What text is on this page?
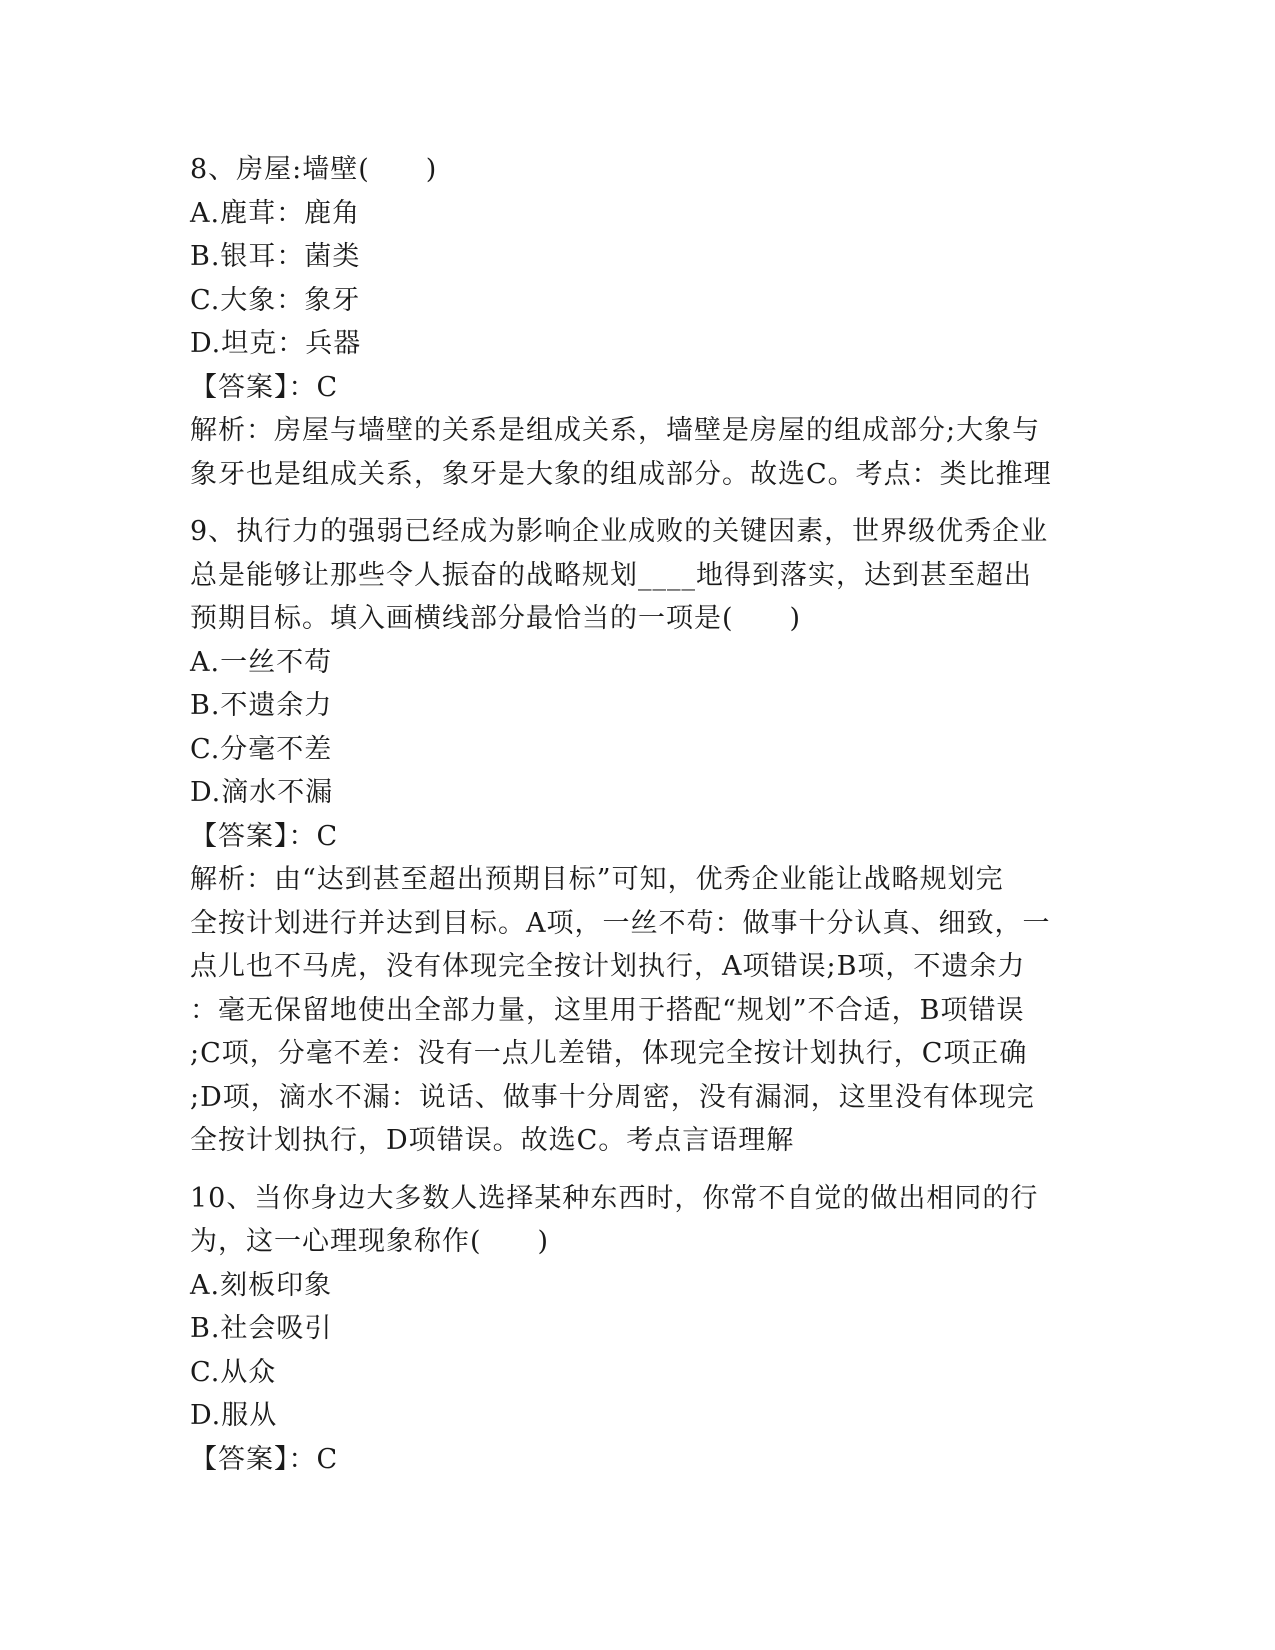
8、房屋:墙壁(　　)
A.鹿茸：鹿角
B.银耳：菌类
C.大象：象牙
D.坦克：兵器
【答案】：C
解析：房屋与墙壁的关系是组成关系，墙壁是房屋的组成部分;大象与
象牙也是组成关系，象牙是大象的组成部分。故选C。考点：类比推理
9、执行力的强弱已经成为影响企业成败的关键因素，世界级优秀企业
总是能够让那些令人振奋的战略规划____地得到落实，达到甚至超出
预期目标。填入画横线部分最恰当的一项是(　　)
A.一丝不苟
B.不遗余力
C.分毫不差
D.滴水不漏
【答案】：C
解析：由“达到甚至超出预期目标”可知，优秀企业能让战略规划完
全按计划进行并达到目标。A项，一丝不苟：做事十分认真、细致，一
点儿也不马虎，没有体现完全按计划执行，A项错误;B项，不遗余力
：毫无保留地使出全部力量，这里用于搭配“规划”不合适，B项错误
;C项，分毫不差：没有一点儿差错，体现完全按计划执行，C项正确
;D项，滴水不漏：说话、做事十分周密，没有漏洞，这里没有体现完
全按计划执行，D项错误。故选C。考点言语理解
10、当你身边大多数人选择某种东西时，你常不自觉的做出相同的行
为，这一心理现象称作(　　)
A.刻板印象
B.社会吸引
C.从众
D.服从
【答案】：C
